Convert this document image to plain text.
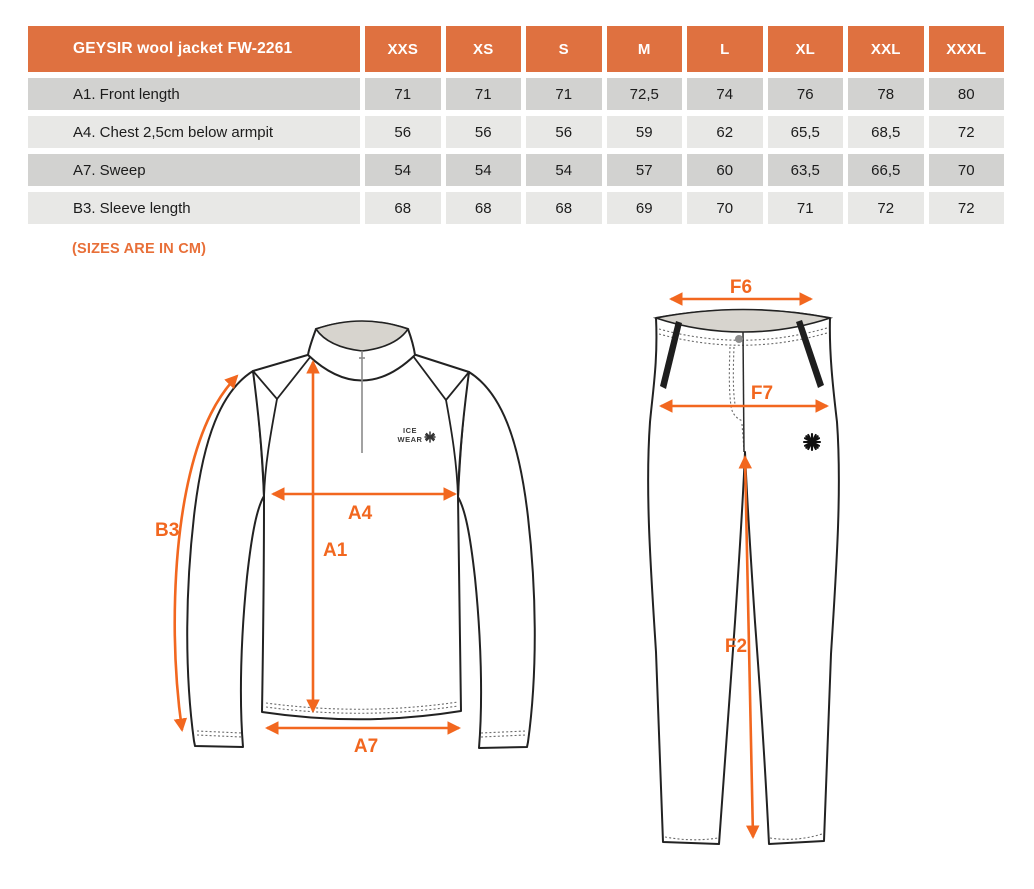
GEYSIR wool jacket FW-2261	XXS	XS	S	M	L	XL	XXL	XXXL
A1. Front length	71	71	71	72,5	74	76	78	80
A4. Chest 2,5cm below armpit	56	56	56	59	62	65,5	68,5	72
A7. Sweep	54	54	54	57	60	63,5	66,5	70
B3. Sleeve length	68	68	68	69	70	71	72	72
(SIZES ARE IN CM)
ICE
WEAR
B3
A4
A1
A7
F6
F7
F2
